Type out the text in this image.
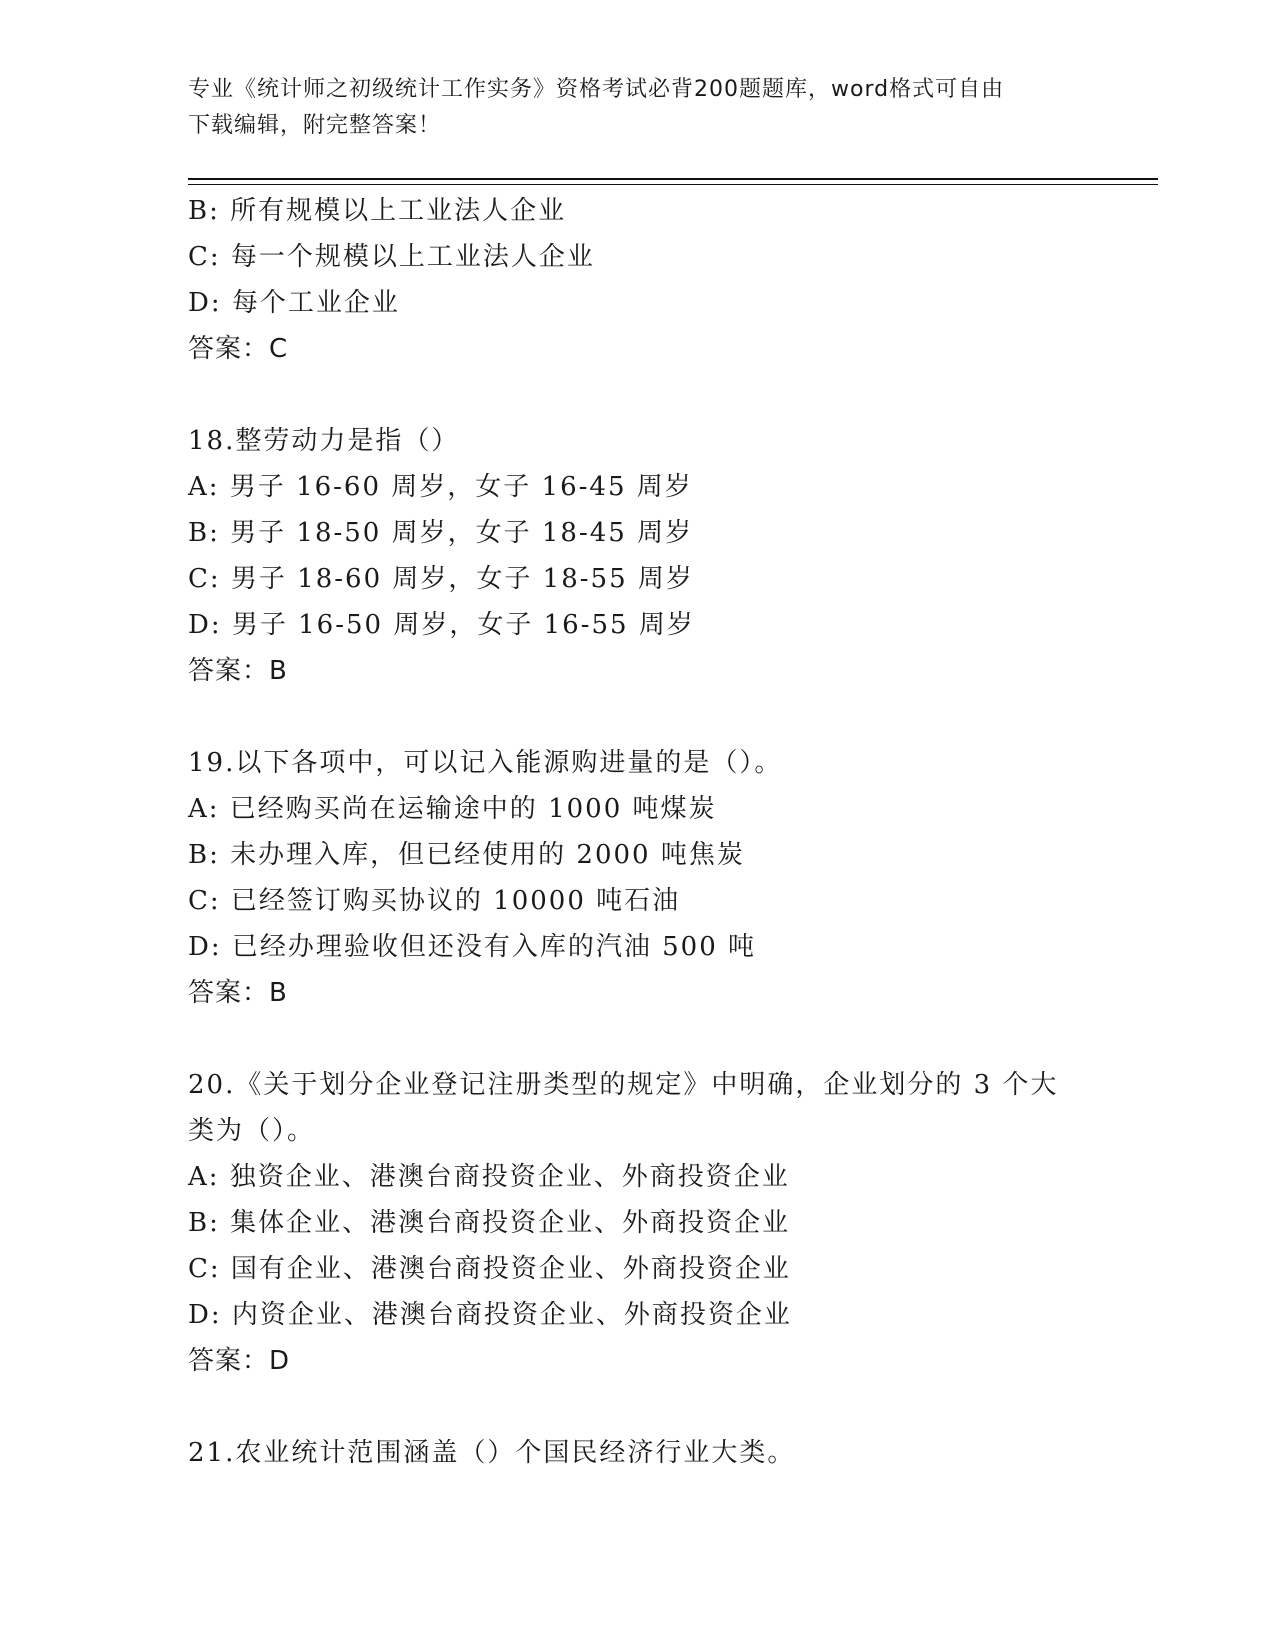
专业《统计师之初级统计工作实务》资格考试必背200题题库，word格式可自由
下载编辑，附完整答案！
B: 所有规模以上工业法人企业
C: 每一个规模以上工业法人企业
D: 每个工业企业
答案：C
18.整劳动力是指（）
A: 男子 16-60 周岁，女子 16-45 周岁
B: 男子 18-50 周岁，女子 18-45 周岁
C: 男子 18-60 周岁，女子 18-55 周岁
D: 男子 16-50 周岁，女子 16-55 周岁
答案：B
19.以下各项中，可以记入能源购进量的是（）。
A: 已经购买尚在运输途中的 1000 吨煤炭
B: 未办理入库，但已经使用的 2000 吨焦炭
C: 已经签订购买协议的 10000 吨石油
D: 已经办理验收但还没有入库的汽油 500 吨
答案：B
20.《关于划分企业登记注册类型的规定》中明确，企业划分的 3 个大
类为（）。
A: 独资企业、港澳台商投资企业、外商投资企业
B: 集体企业、港澳台商投资企业、外商投资企业
C: 国有企业、港澳台商投资企业、外商投资企业
D: 内资企业、港澳台商投资企业、外商投资企业
答案：D
21.农业统计范围涵盖（）个国民经济行业大类。
